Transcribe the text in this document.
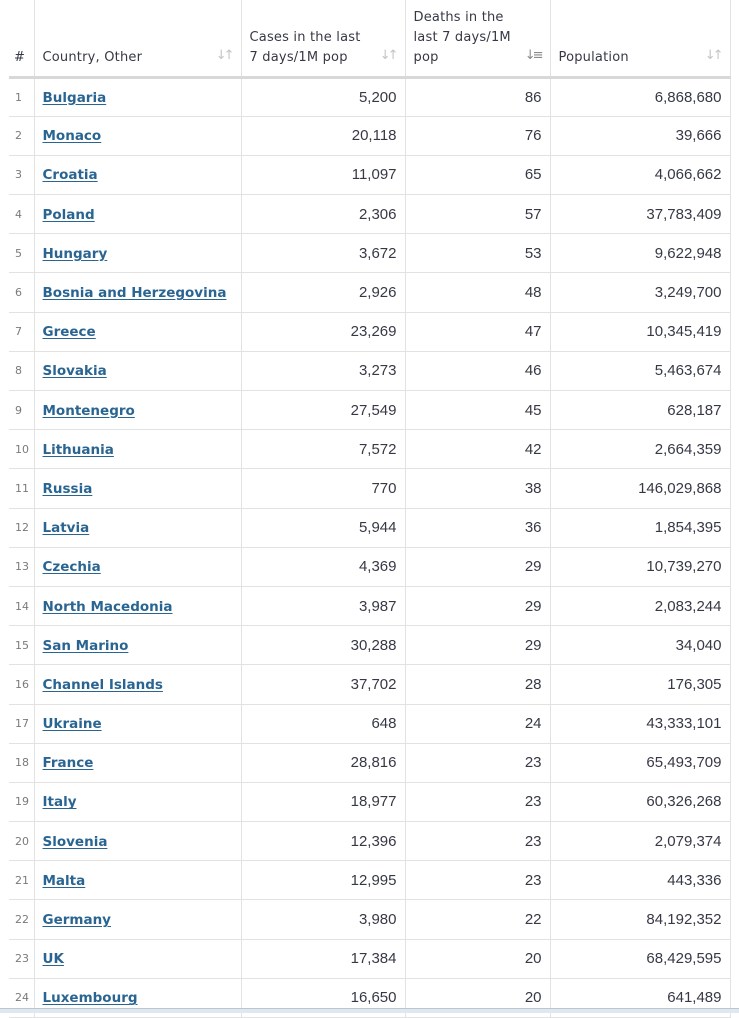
#	Country, Other ↓↑	Cases in the last 7 days/1M pop ↓↑	Deaths in the last 7 days/1M pop ↓≡	Population ↓↑

1	Bulgaria	5,200	86	6,868,680
2	Monaco	20,118	76	39,666
3	Croatia	11,097	65	4,066,662
4	Poland	2,306	57	37,783,409
5	Hungary	3,672	53	9,622,948
6	Bosnia and Herzegovina	2,926	48	3,249,700
7	Greece	23,269	47	10,345,419
8	Slovakia	3,273	46	5,463,674
9	Montenegro	27,549	45	628,187
10	Lithuania	7,572	42	2,664,359
11	Russia	770	38	146,029,868
12	Latvia	5,944	36	1,854,395
13	Czechia	4,369	29	10,739,270
14	North Macedonia	3,987	29	2,083,244
15	San Marino	30,288	29	34,040
16	Channel Islands	37,702	28	176,305
17	Ukraine	648	24	43,333,101
18	France	28,816	23	65,493,709
19	Italy	18,977	23	60,326,268
20	Slovenia	12,396	23	2,079,374
21	Malta	12,995	23	443,336
22	Germany	3,980	22	84,192,352
23	UK	17,384	20	68,429,595
24	Luxembourg	16,650	20	641,489
